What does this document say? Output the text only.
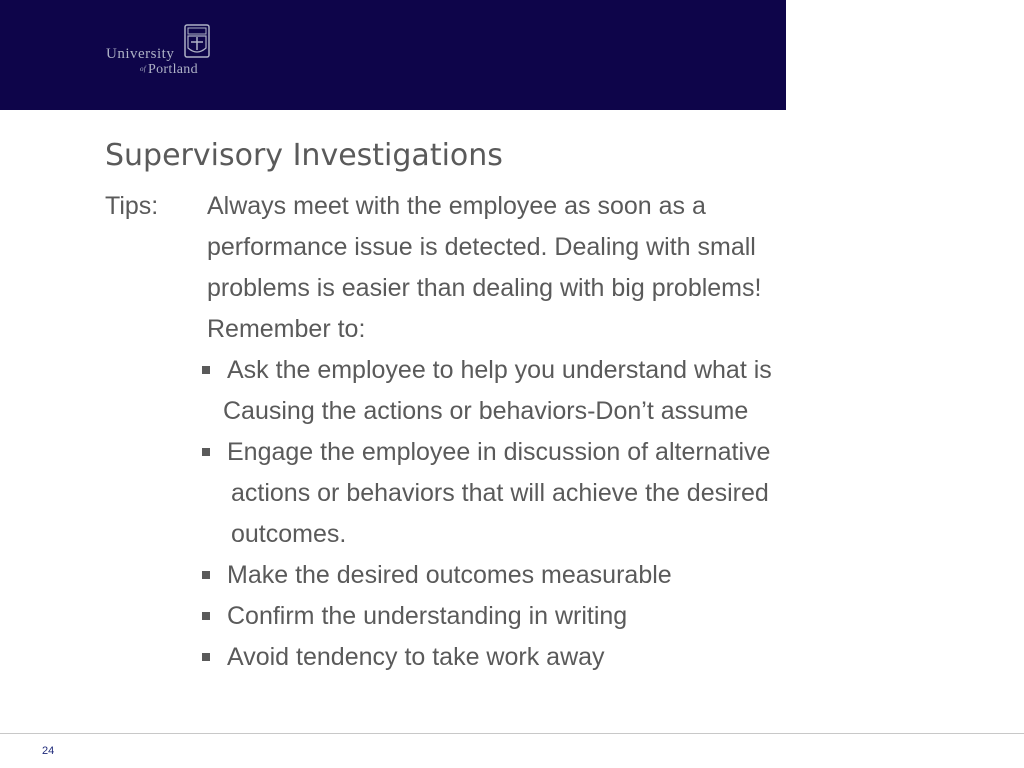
University
of Portland
Supervisory Investigations
Tips: Always meet with the employee as soon as a
performance issue is detected. Dealing with small
problems is easier than dealing with big problems!
Remember to:
Ask the employee to help you understand what is
Causing the actions or behaviors-Don’t assume
Engage the employee in discussion of alternative
actions or behaviors that will achieve the desired
outcomes.
Make the desired outcomes measurable
Confirm the understanding in writing
Avoid tendency to take work away
24
